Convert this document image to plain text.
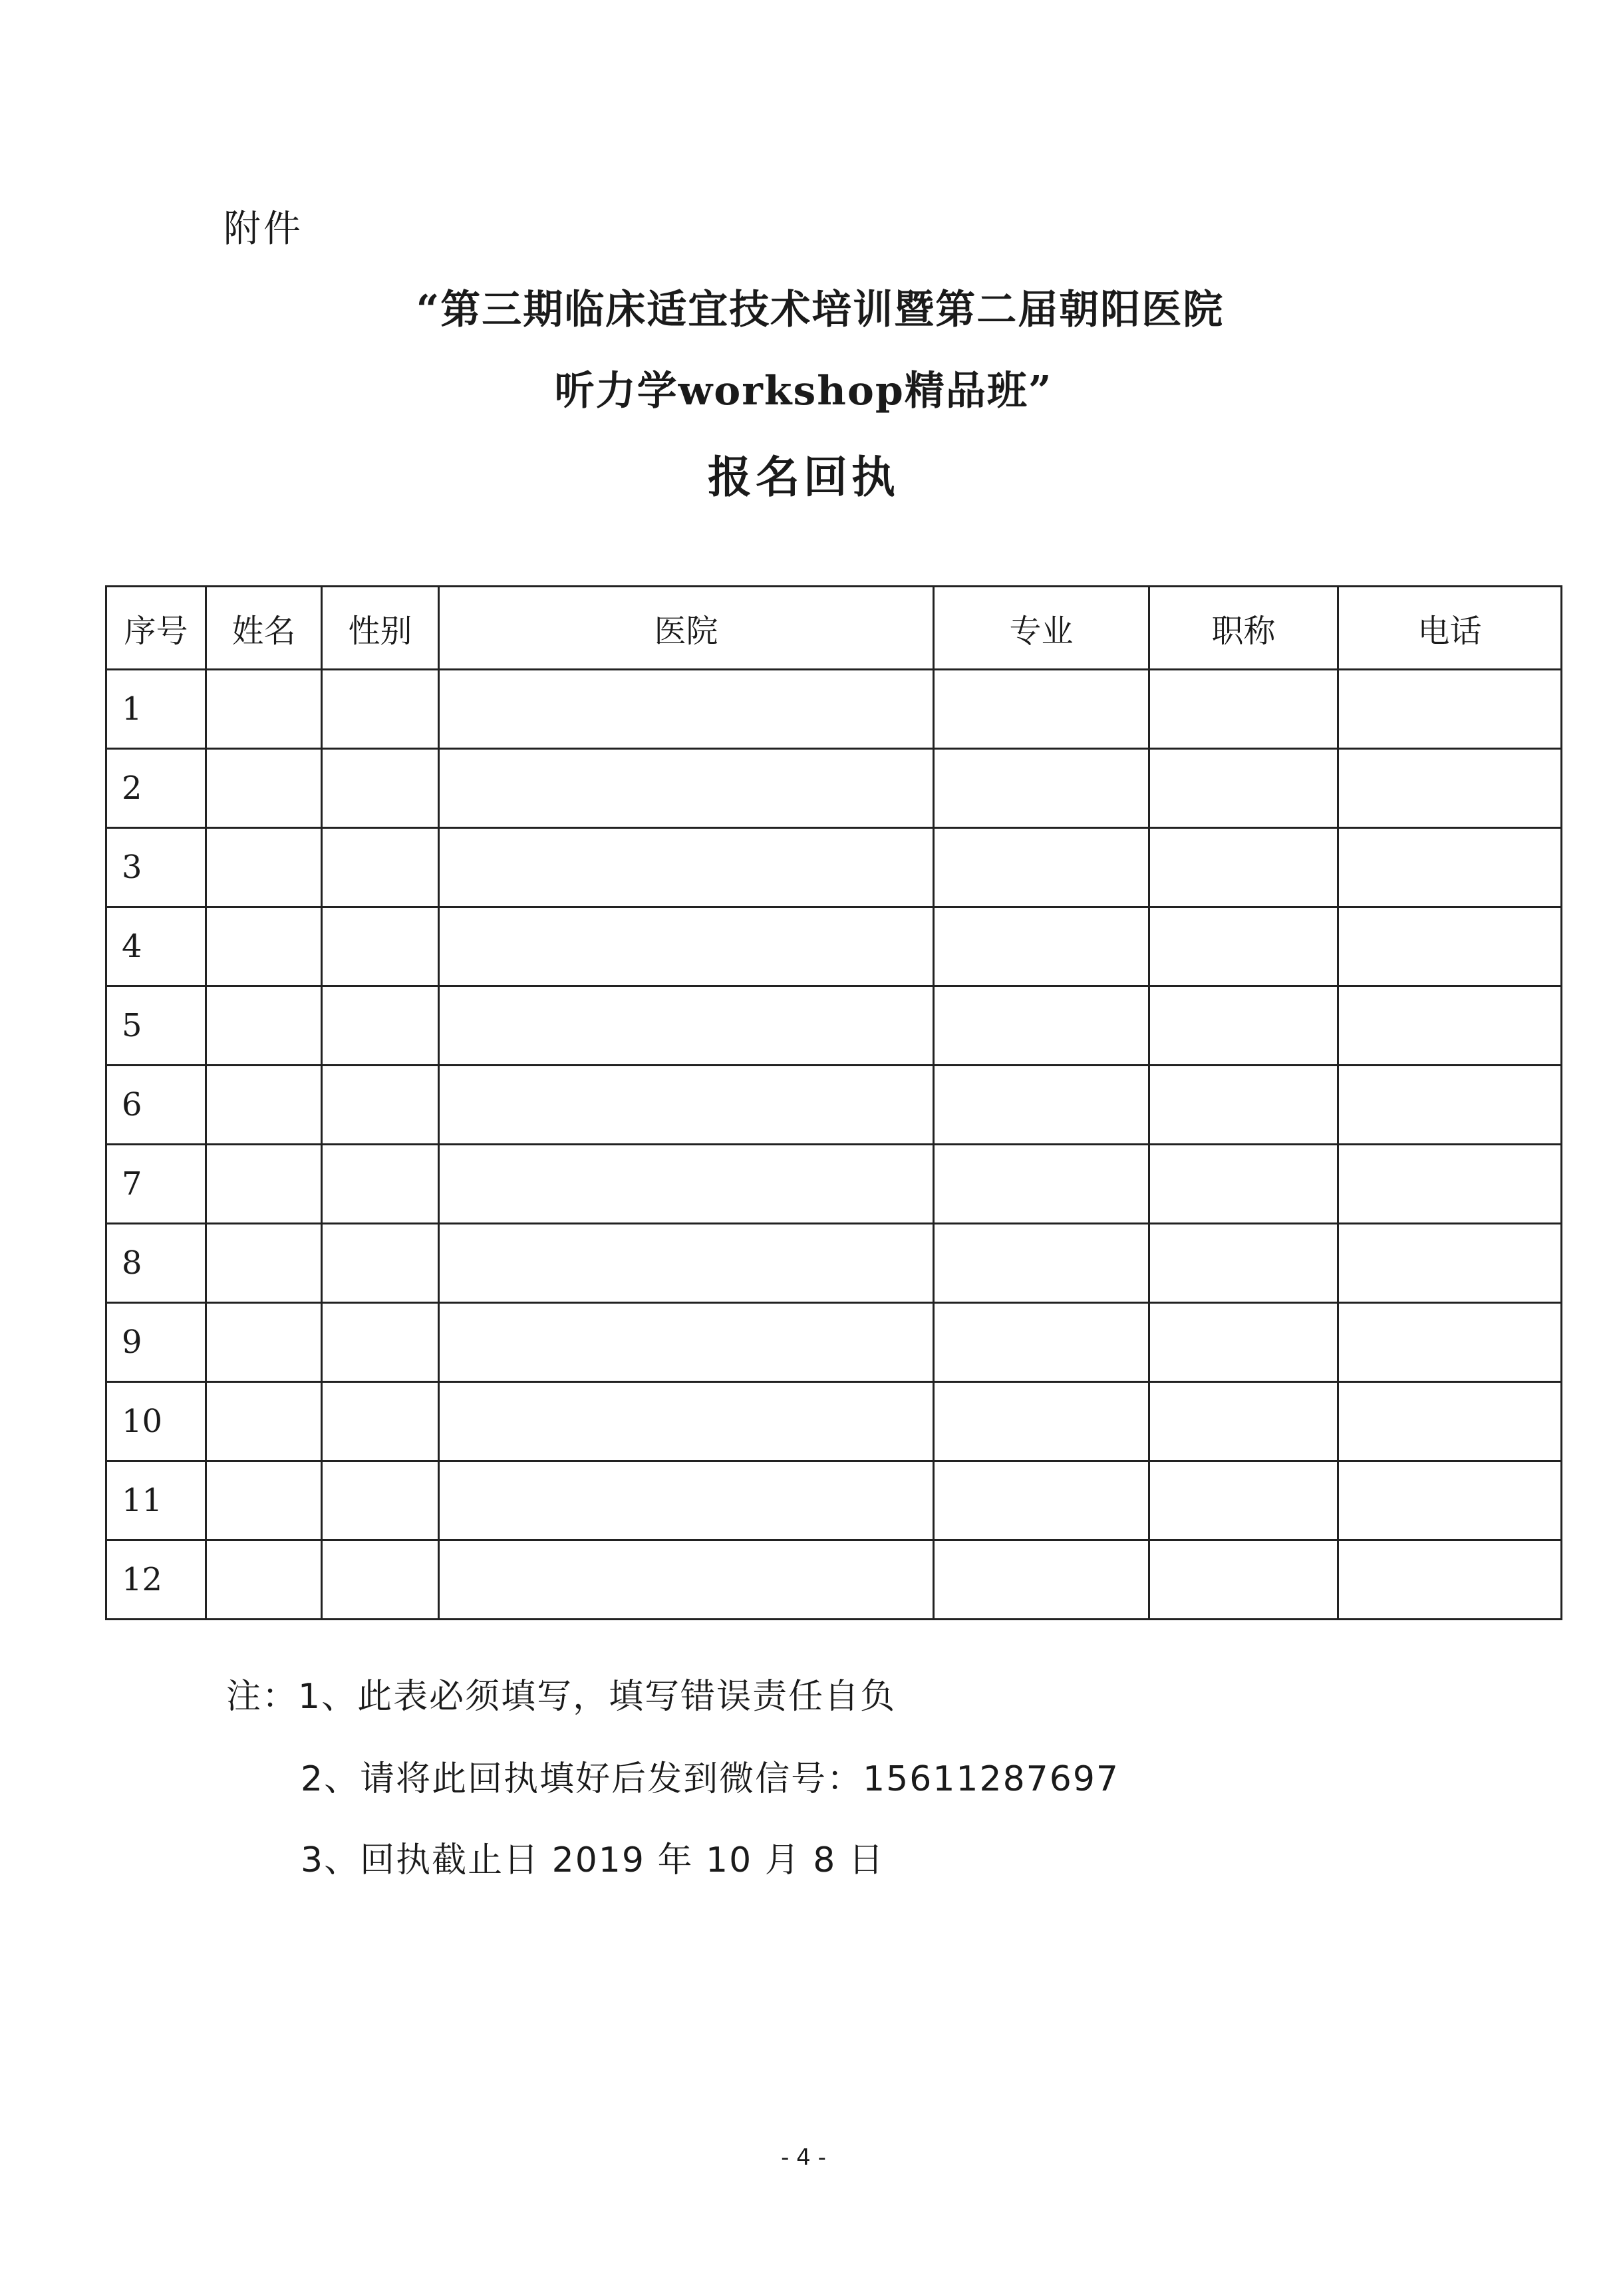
附件
“第三期临床适宜技术培训暨第二届朝阳医院
听力学workshop精品班”
报名回执
序号	姓名	性别	医院	专业	职称	电话
1						
2						
3						
4						
5						
6						
7						
8						
9						
10						
11						
12						
注：1、此表必须填写，填写错误责任自负
2、请将此回执填好后发到微信号：15611287697
3、回执截止日 2019 年 10 月 8 日
- 4 -
